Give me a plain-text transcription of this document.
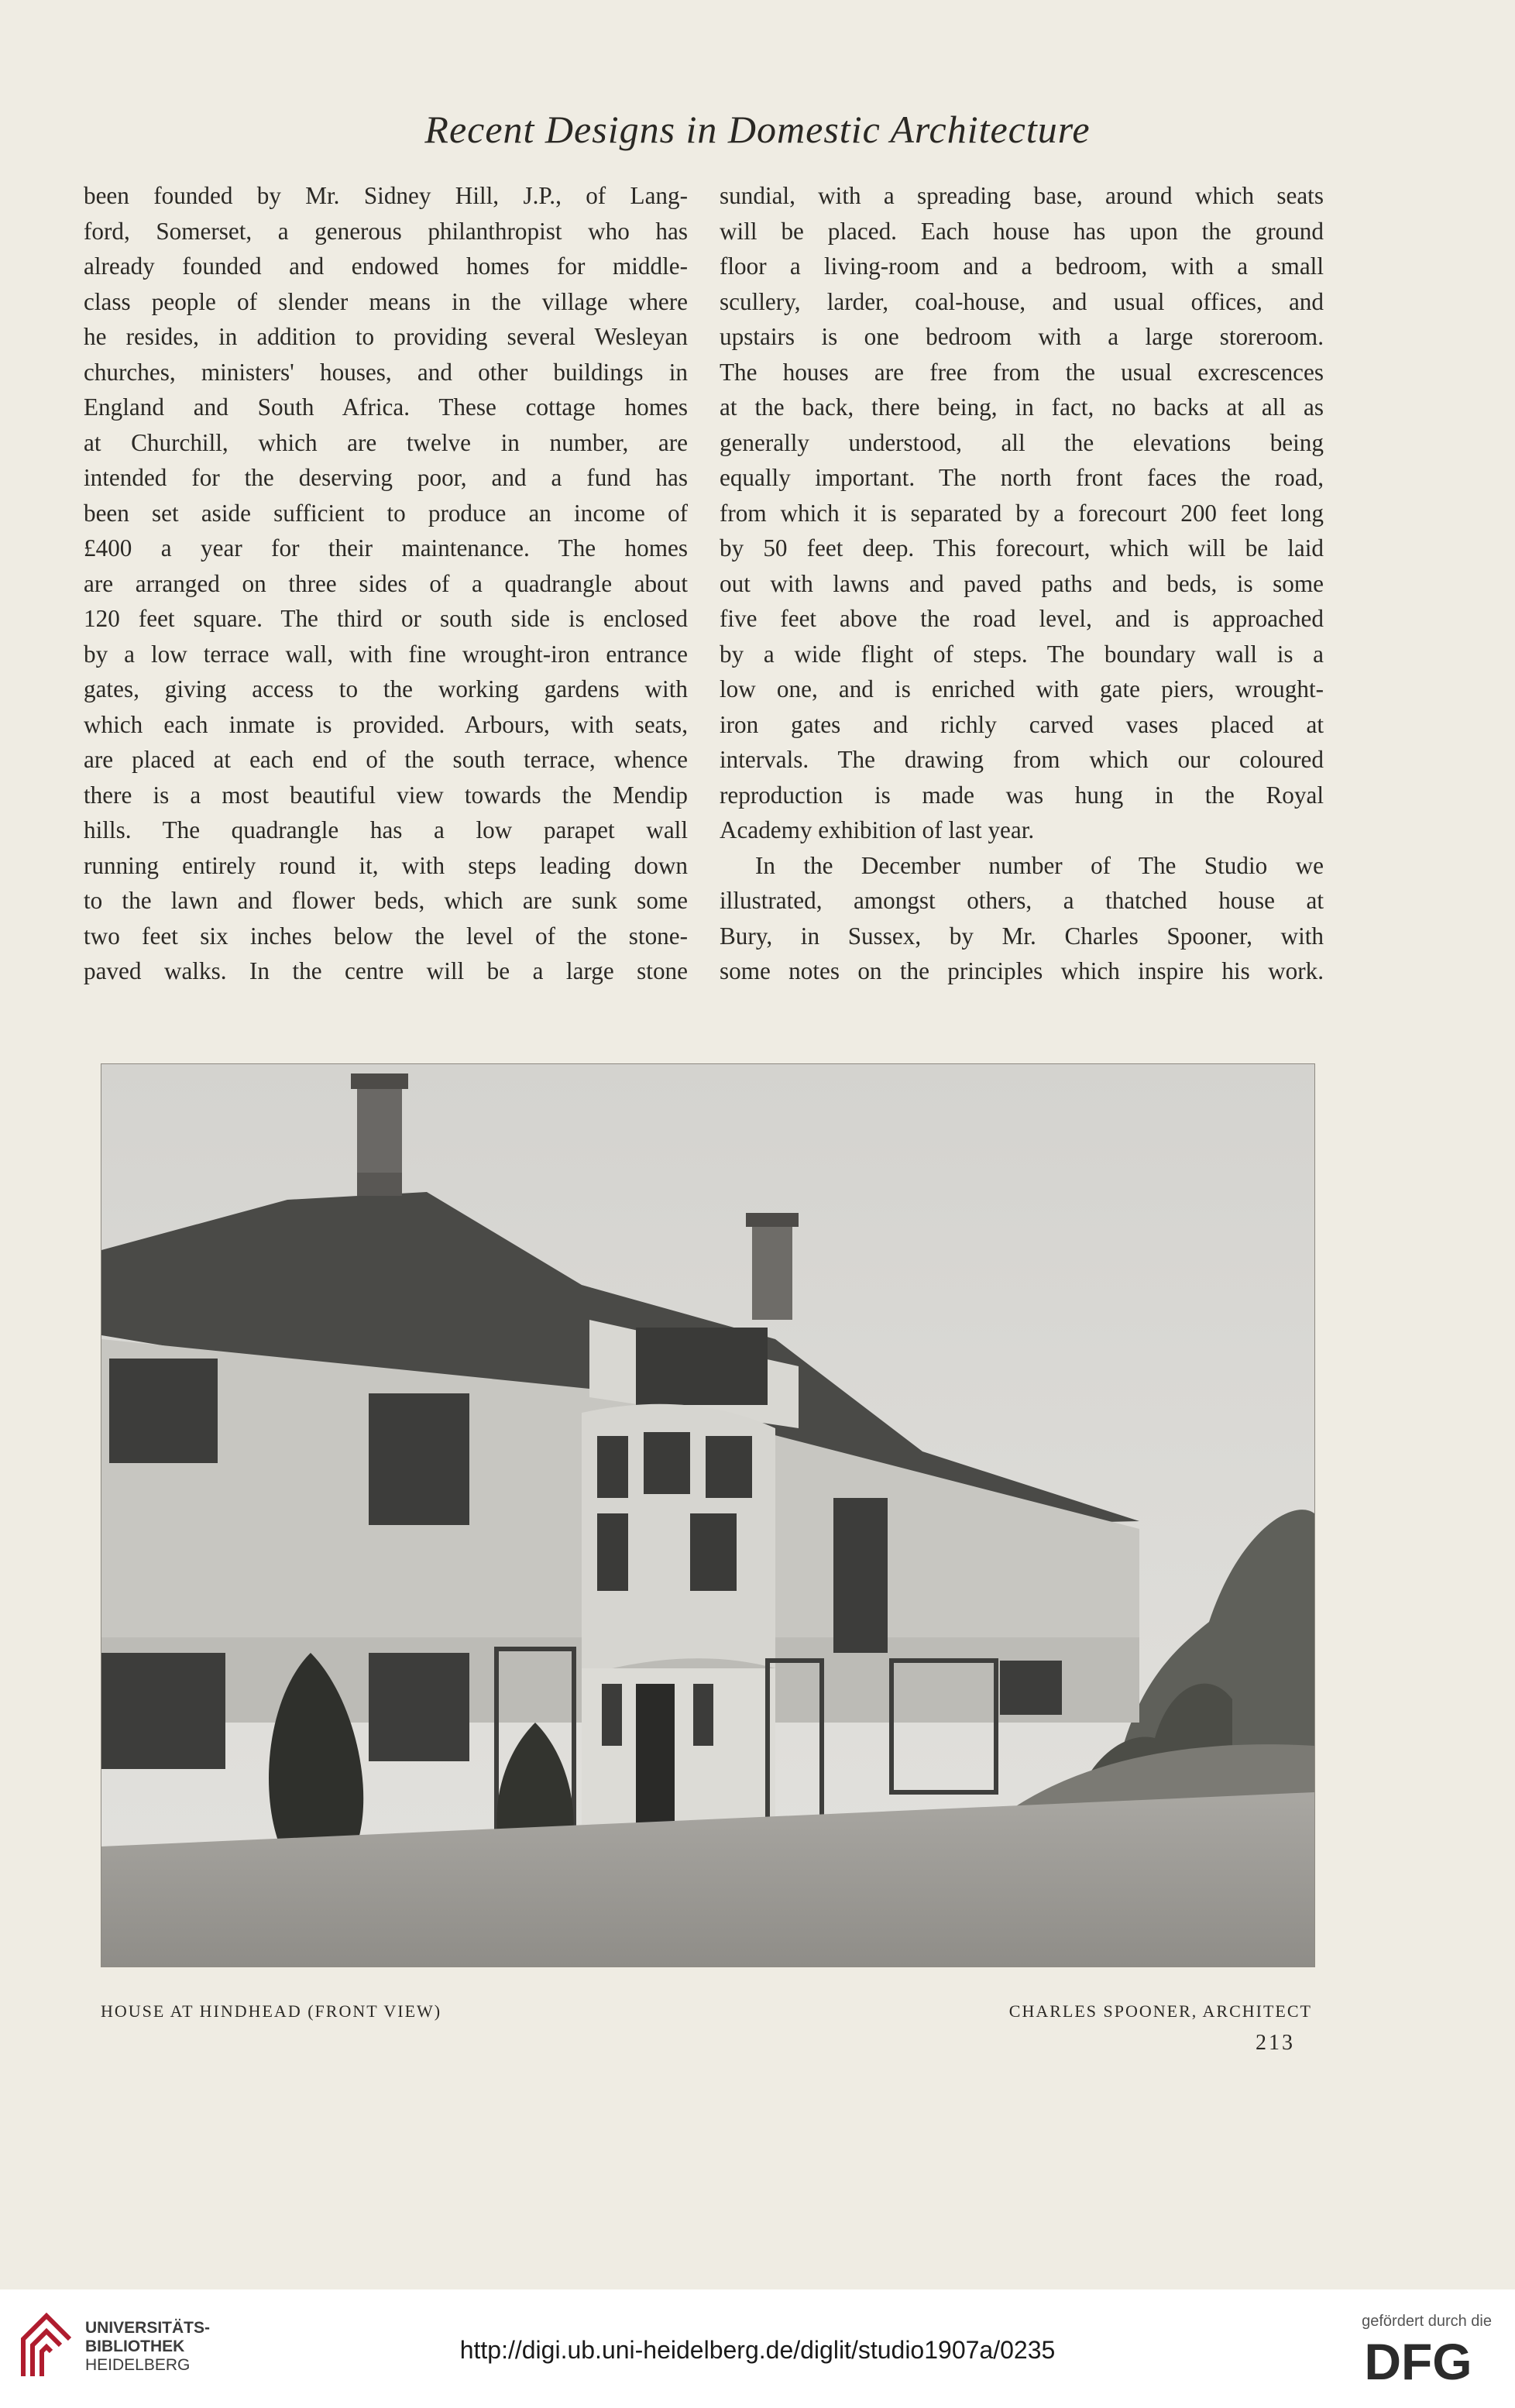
Recent Designs in Domestic Architecture
been founded by Mr. Sidney Hill, J.P., of Lang-
ford, Somerset, a generous philanthropist who has
already founded and endowed homes for middle-
class people of slender means in the village where
he resides, in addition to providing several Wesleyan
churches, ministers' houses, and other buildings in
England and South Africa. These cottage homes
at Churchill, which are twelve in number, are
intended for the deserving poor, and a fund has
been set aside sufficient to produce an income of
£400 a year for their maintenance. The homes
are arranged on three sides of a quadrangle about
120 feet square. The third or south side is enclosed
by a low terrace wall, with fine wrought-iron entrance
gates, giving access to the working gardens with
which each inmate is provided. Arbours, with seats,
are placed at each end of the south terrace, whence
there is a most beautiful view towards the Mendip
hills. The quadrangle has a low parapet wall
running entirely round it, with steps leading down
to the lawn and flower beds, which are sunk some
two feet six inches below the level of the stone-
paved walks. In the centre will be a large stone
sundial, with a spreading base, around which seats
will be placed. Each house has upon the ground
floor a living-room and a bedroom, with a small
scullery, larder, coal-house, and usual offices, and
upstairs is one bedroom with a large storeroom.
The houses are free from the usual excrescences
at the back, there being, in fact, no backs at all as
generally understood, all the elevations being
equally important. The north front faces the road,
from which it is separated by a forecourt 200 feet long
by 50 feet deep. This forecourt, which will be laid
out with lawns and paved paths and beds, is some
five feet above the road level, and is approached
by a wide flight of steps. The boundary wall is a
low one, and is enriched with gate piers, wrought-
iron gates and richly carved vases placed at
intervals. The drawing from which our coloured
reproduction is made was hung in the Royal
Academy exhibition of last year.
In the December number of The Studio we
illustrated, amongst others, a thatched house at
Bury, in Sussex, by Mr. Charles Spooner, with
some notes on the principles which inspire his work.
HOUSE AT HINDHEAD (FRONT VIEW)	CHARLES SPOONER, ARCHITECT
213
UNIVERSITÄTS-
BIBLIOTHEK
HEIDELBERG
http://digi.ub.uni-heidelberg.de/diglit/studio1907a/0235
gefördert durch die
DFG
